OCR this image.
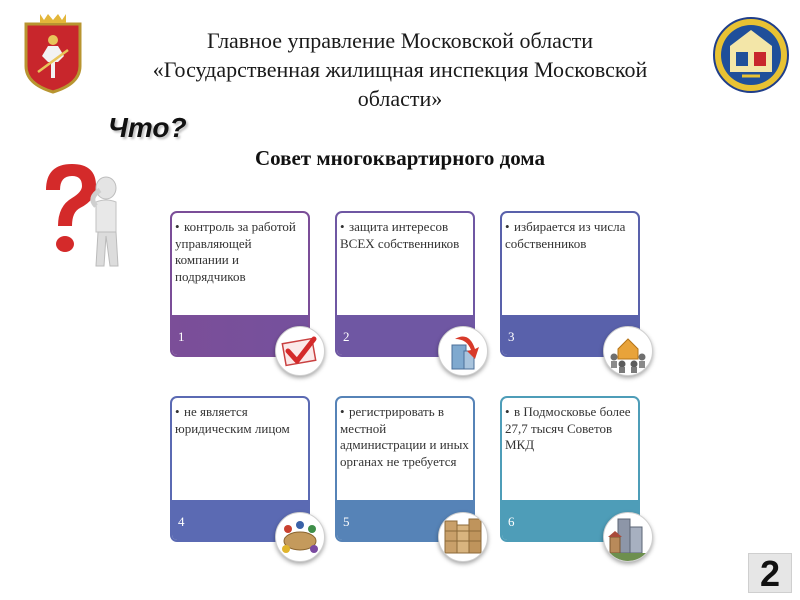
Главное управление Московской области
«Государственная жилищная инспекция Московской
области»
Что?
Совет многоквартирного дома
• контроль за работой управляющей компании и подрядчиков
1
• защита интересов ВСЕХ собственников
2
• избирается из числа собственников
3
• не является юридическим лицом
4
• регистрировать в местной администрации и иных органах не требуется
5
• в Подмосковье более 27,7 тысяч Советов МКД
6
2
